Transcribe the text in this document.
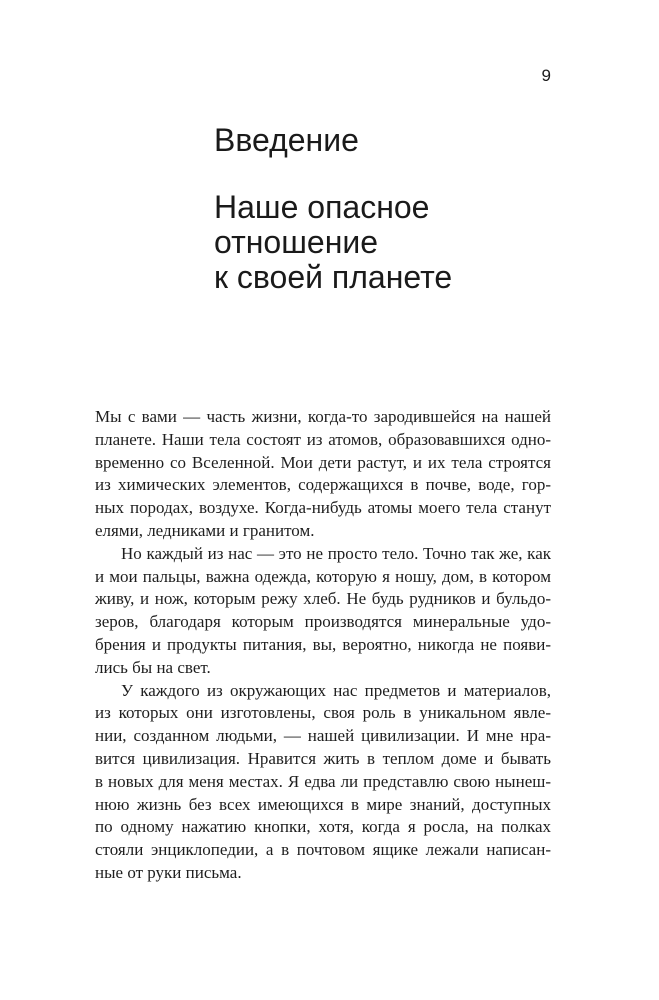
9
Введение
Наше опасное
отношение
к своей планете

Мы с вами — часть жизни, когда-то зародившейся на нашей
планете. Наши тела состоят из атомов, образовавшихся одно-
временно со Вселенной. Мои дети растут, и их тела строятся
из химических элементов, содержащихся в почве, воде, гор-
ных породах, воздухе. Когда-нибудь атомы моего тела станут
елями, ледниками и гранитом.

Но каждый из нас — это не просто тело. Точно так же, как
и мои пальцы, важна одежда, которую я ношу, дом, в котором
живу, и нож, которым режу хлеб. Не будь рудников и бульдо-
зеров, благодаря которым производятся минеральные удо-
брения и продукты питания, вы, вероятно, никогда не появи-
лись бы на свет.

У каждого из окружающих нас предметов и материалов,
из которых они изготовлены, своя роль в уникальном явле-
нии, созданном людьми, — нашей цивилизации. И мне нра-
вится цивилизация. Нравится жить в теплом доме и бывать
в новых для меня местах. Я едва ли представлю свою нынеш-
нюю жизнь без всех имеющихся в мире знаний, доступных
по одному нажатию кнопки, хотя, когда я росла, на полках
стояли энциклопедии, а в почтовом ящике лежали написан-
ные от руки письма.
